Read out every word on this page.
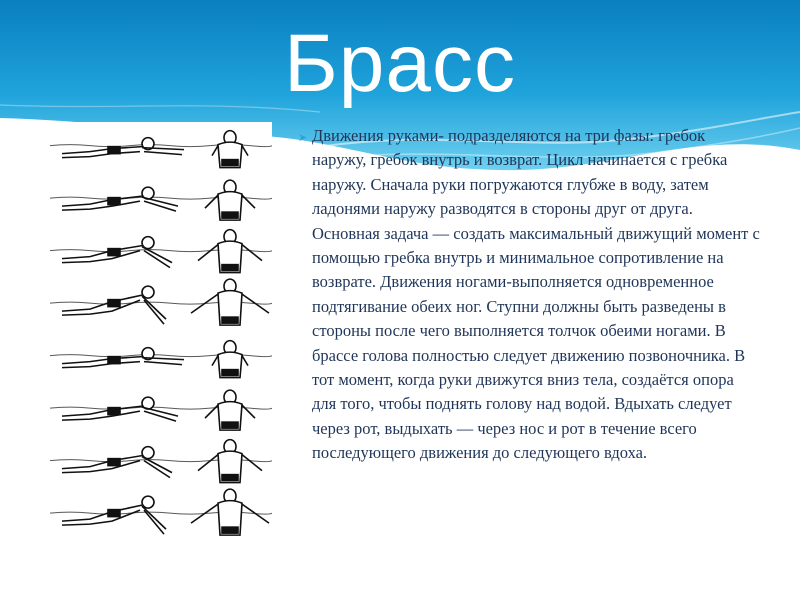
Брасс
➤ Движения руками- подразделяются на три фазы: гребок наружу, гребок внутрь и возврат. Цикл начинается с гребка наружу. Сначала руки погружаются глубже в воду, затем ладонями наружу разводятся в стороны друг от друга. Основная задача — создать максимальный движущий момент с помощью гребка внутрь и минимальное сопротивление на возврате. Движения ногами-выполняется одновременное подтягивание обеих ног. Ступни должны быть разведены в стороны после чего выполняется толчок обеими ногами. В брассе голова полностью следует движению позвоночника. В тот момент, когда руки движутся вниз тела, создаётся опора для того, чтобы поднять голову над водой. Вдыхать следует через рот, выдыхать — через нос и рот в течение всего последующего движения до следующего вдоха.
